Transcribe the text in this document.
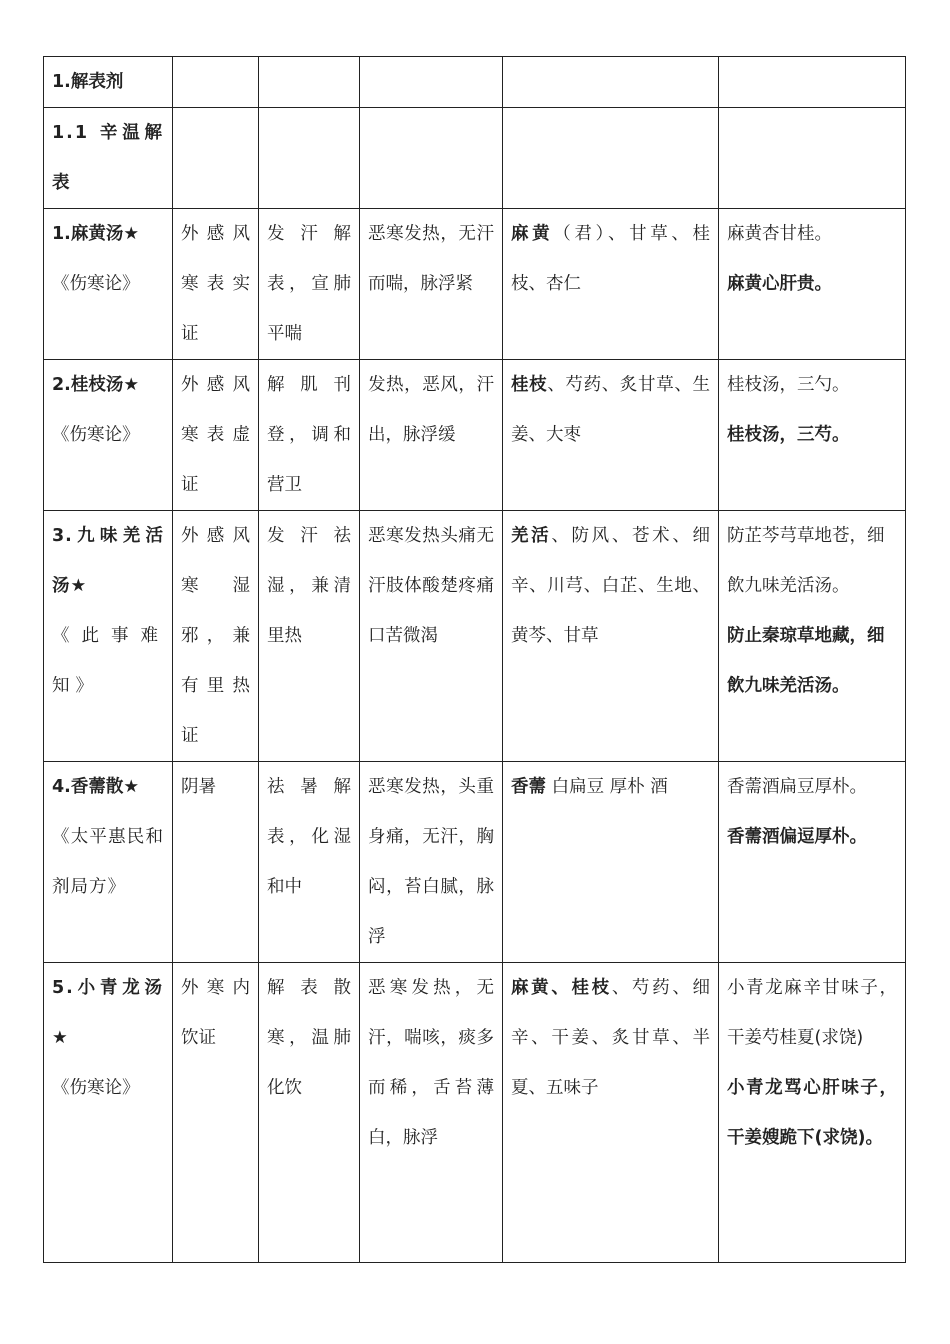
1.解表剂					
1.1 辛温解表					

1.麻黄汤★
《伤寒论》	外感风寒表实证	发汗解表，宣肺平喘	恶寒发热，无汗而喘，脉浮紧	麻黄（君）、甘草、桂枝、杏仁	麻黄杏甘桂。
麻黄心肝贵。

2.桂枝汤★
《伤寒论》	外感风寒表虚证	解肌刊登，调和营卫	发热，恶风，汗出，脉浮缓	桂枝、芍药、炙甘草、生姜、大枣	桂枝汤，三勺。
桂枝汤，三芍。

3.九味羌活汤★
《此事难知》	外感风寒湿邪，兼有里热证	发汗祛湿，兼清里热	恶寒发热头痛无汗肢体酸楚疼痛口苦微渴	羌活、防风、苍术、细辛、川芎、白芷、生地、黄芩、甘草	防芷芩芎草地苍，细飲九味羌活汤。
防止秦琼草地藏，细飲九味羌活汤。

4.香薷散★
《太平惠民和剂局方》	阴暑	祛暑解表，化湿和中	恶寒发热，头重身痛，无汗，胸闷，苔白腻，脉浮	香薷 白扁豆 厚朴 酒	香薷酒扁豆厚朴。
香薷酒偏逗厚朴。

5.小青龙汤★
《伤寒论》	外寒内饮证	解表散寒，温肺化饮	恶寒发热，无汗，喘咳，痰多而稀，舌苔薄白，脉浮	麻黄、桂枝、芍药、细辛、干姜、炙甘草、半夏、五味子	小青龙麻辛甘味子，干姜芍桂夏(求饶)
小青龙骂心肝味子，干姜嫂跪下(求饶)。
